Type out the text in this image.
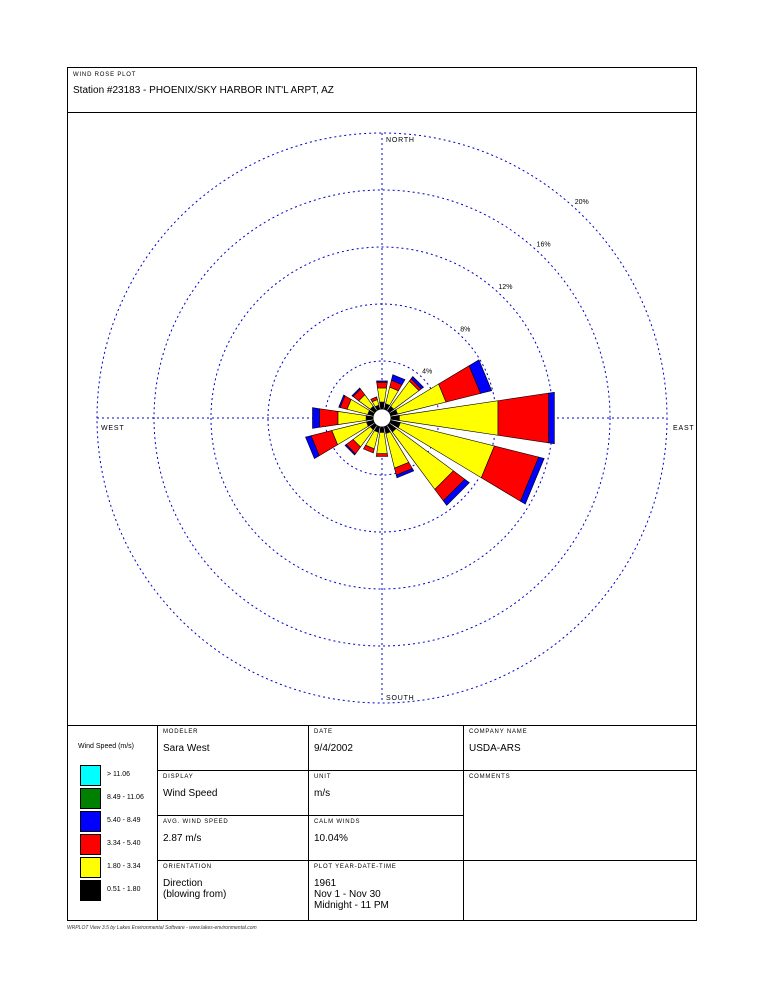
WIND ROSE PLOT
Station #23183 - PHOENIX/SKY HARBOR INT'L ARPT, AZ
4%
8%
12%
16%
20%
NORTH
SOUTH
EAST
WEST
Wind Speed (m/s)
> 11.06
8.49 - 11.06
5.40 - 8.49
3.34 - 5.40
1.80 - 3.34
0.51 - 1.80
MODELER
Sara West
DATE
9/4/2002
COMPANY NAME
USDA-ARS
DISPLAY
Wind Speed
UNIT
m/s
COMMENTS
AVG. WIND SPEED
2.87 m/s
CALM WINDS
10.04%
ORIENTATION
Direction
(blowing from)
PLOT YEAR-DATE-TIME
1961
Nov 1 - Nov 30
Midnight - 11 PM
WRPLOT View 3.5 by Lakes Environmental Software - www.lakes-environmental.com
